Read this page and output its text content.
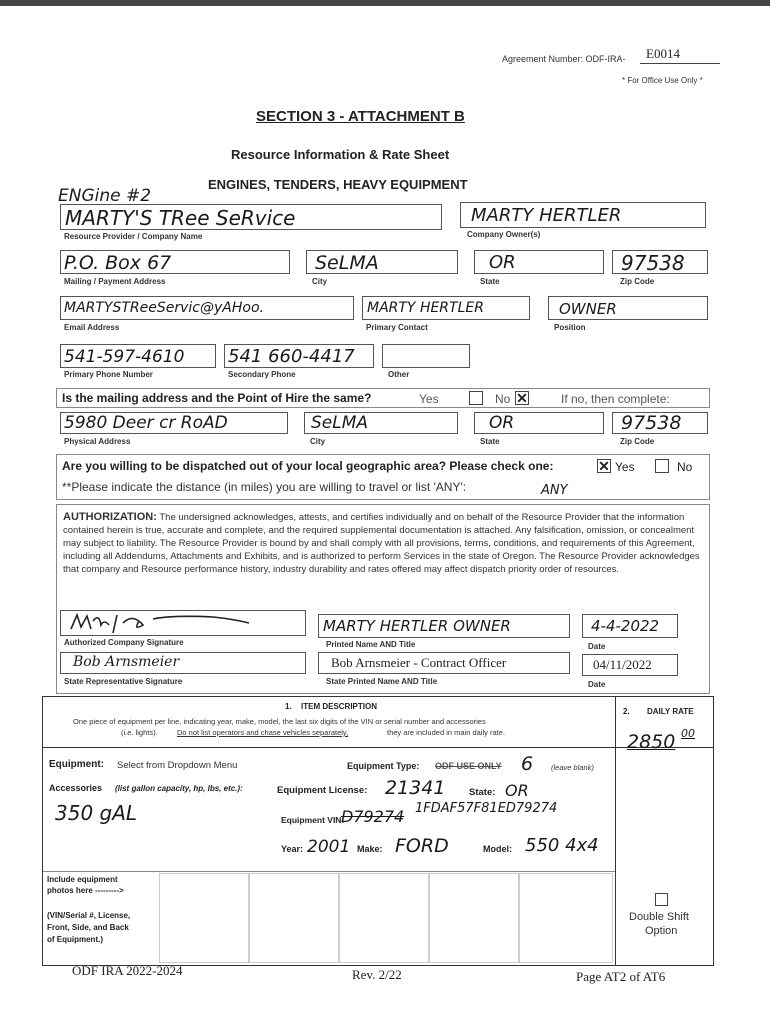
Agreement Number: ODF-IRA- E0014
* For Office Use Only *
SECTION 3 - ATTACHMENT B
Resource Information & Rate Sheet
ENGine #2
ENGINES, TENDERS, HEAVY EQUIPMENT
MARTY'S TRee SeRvice
Resource Provider / Company Name
MARTY HERTLER
Company Owner(s)
P.O. Box 67
Mailing / Payment Address
SeLMA
City
OR
State
97538
Zip Code
MARTYSTReeServic@yAHoo.
Email Address
MARTY HERTLER
Primary Contact
OWNER
Position
541-597-4610
Primary Phone Number
541 660-4417
Secondary Phone	Other
Is the mailing address and the Point of Hire the same?	Yes	No ✕	If no, then complete:
5980 Deer cr RoAD
Physical Address
SeLMA
City
OR
State
97538
Zip Code
Are you willing to be dispatched out of your local geographic area? Please check one:	✕ Yes	No
**Please indicate the distance (in miles) you are willing to travel or list 'ANY':	ANY
AUTHORIZATION: The undersigned acknowledges, attests, and certifies individually and on behalf of the Resource Provider that the information contained herein is true, accurate and complete, and the required supplemental documentation is attached. Any falsification, omission, or concealment may subject to liability. The Resource Provider is bound by and shall comply with all provisions, terms, conditions, and requirements of this Agreement, including all Addendums, Attachments and Exhibits, and is authorized to perform Services in the state of Oregon. The Resource Provider acknowledges that company and Resource performance history, industry durability and rates offered may affect dispatch priority order of resources.
Authorized Company Signature
MARTY HERTLER OWNER
Printed Name AND Title
4-4-2022
Date
Bob Arnsmeier
State Representative Signature
Bob Arnsmeier - Contract Officer
State Printed Name AND Title
04/11/2022
Date
1. ITEM DESCRIPTION
One piece of equipment per line, indicating year, make, model, the last six digits of the VIN or serial number and accessories
(i.e. lights).	Do not list operators and chase vehicles separately,	they are included in main daily rate.
2. DAILY RATE
2850 00
Equipment: Select from Dropdown Menu	Equipment Type: ODF USE ONLY 6 (leave blank)
Accessories (list gallon capacity, hp, lbs, etc.):
350 gAL
Equipment License: 21341 State: OR
Equipment VIN:
D79274 1FDAF57F81ED79274
Year: 2001 Make: FORD	Model: 550 4x4
Include equipment
photos here --------->
(VIN/Serial #, License,
Front, Side, and Back
of Equipment.)
Double Shift
Option
ODF IRA 2022-2024	Rev. 2/22	Page AT2 of AT6
